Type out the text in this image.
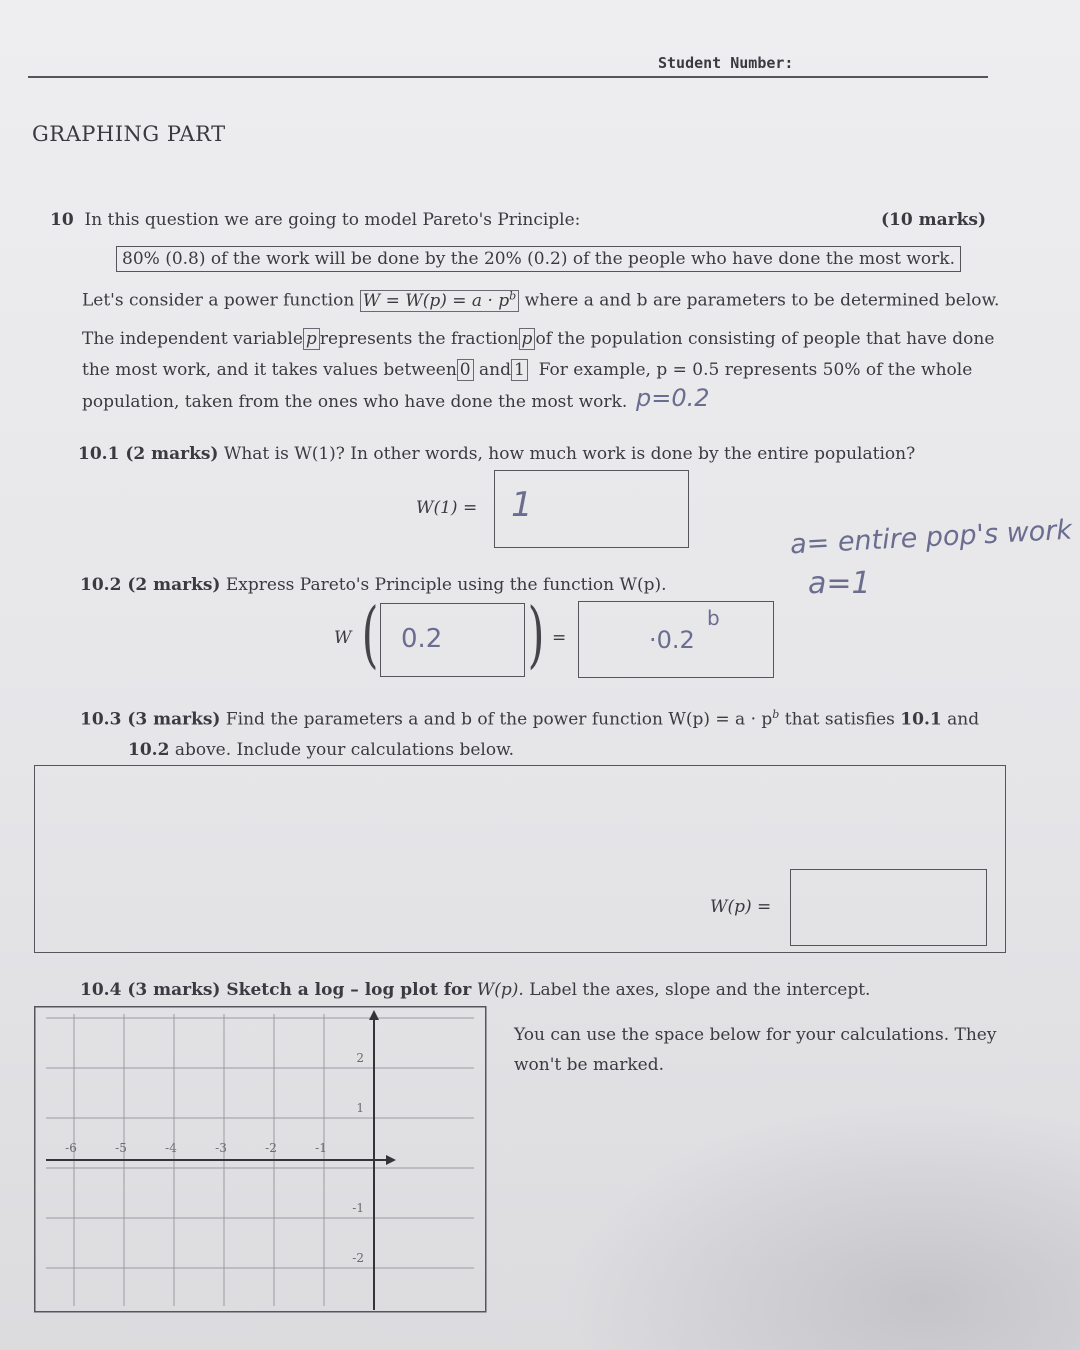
Student Number:
GRAPHING PART
10 In this question we are going to model Pareto's Principle:	(10 marks)
80% (0.8) of the work will be done by the 20% (0.2) of the people who have done the most work.
Let's consider a power function $W = W(p) = a \cdot p^b$ where a and b are parameters to be determined below.
The independent variable p represents the fraction p of the population consisting of people that have done
the most work, and it takes values between 0 and 1 For example, p = 0.5 represents 50% of the whole
population, taken from the ones who have done the most work. p=0.2
10.1 (2 marks) What is W(1)? In other words, how much work is done by the entire population?
W(1) = 1
a= entire pop's work
a=1
10.2 (2 marks) Express Pareto's Principle using the function W(p).
W ( 0.2 ) =	·0.2
b
10.3 (3 marks) Find the parameters a and b of the power function $W(p) = a \cdot p^b$ that satisfies 10.1 and
10.2 above. Include your calculations below.
W(p) =
10.4 (3 marks) Sketch a log – log plot for W(p). Label the axes, slope and the intercept.
You can use the space below for your calculations. They
won't be marked.
-6	-5	-4	-3	-2	-1
2
1
-1
-2
